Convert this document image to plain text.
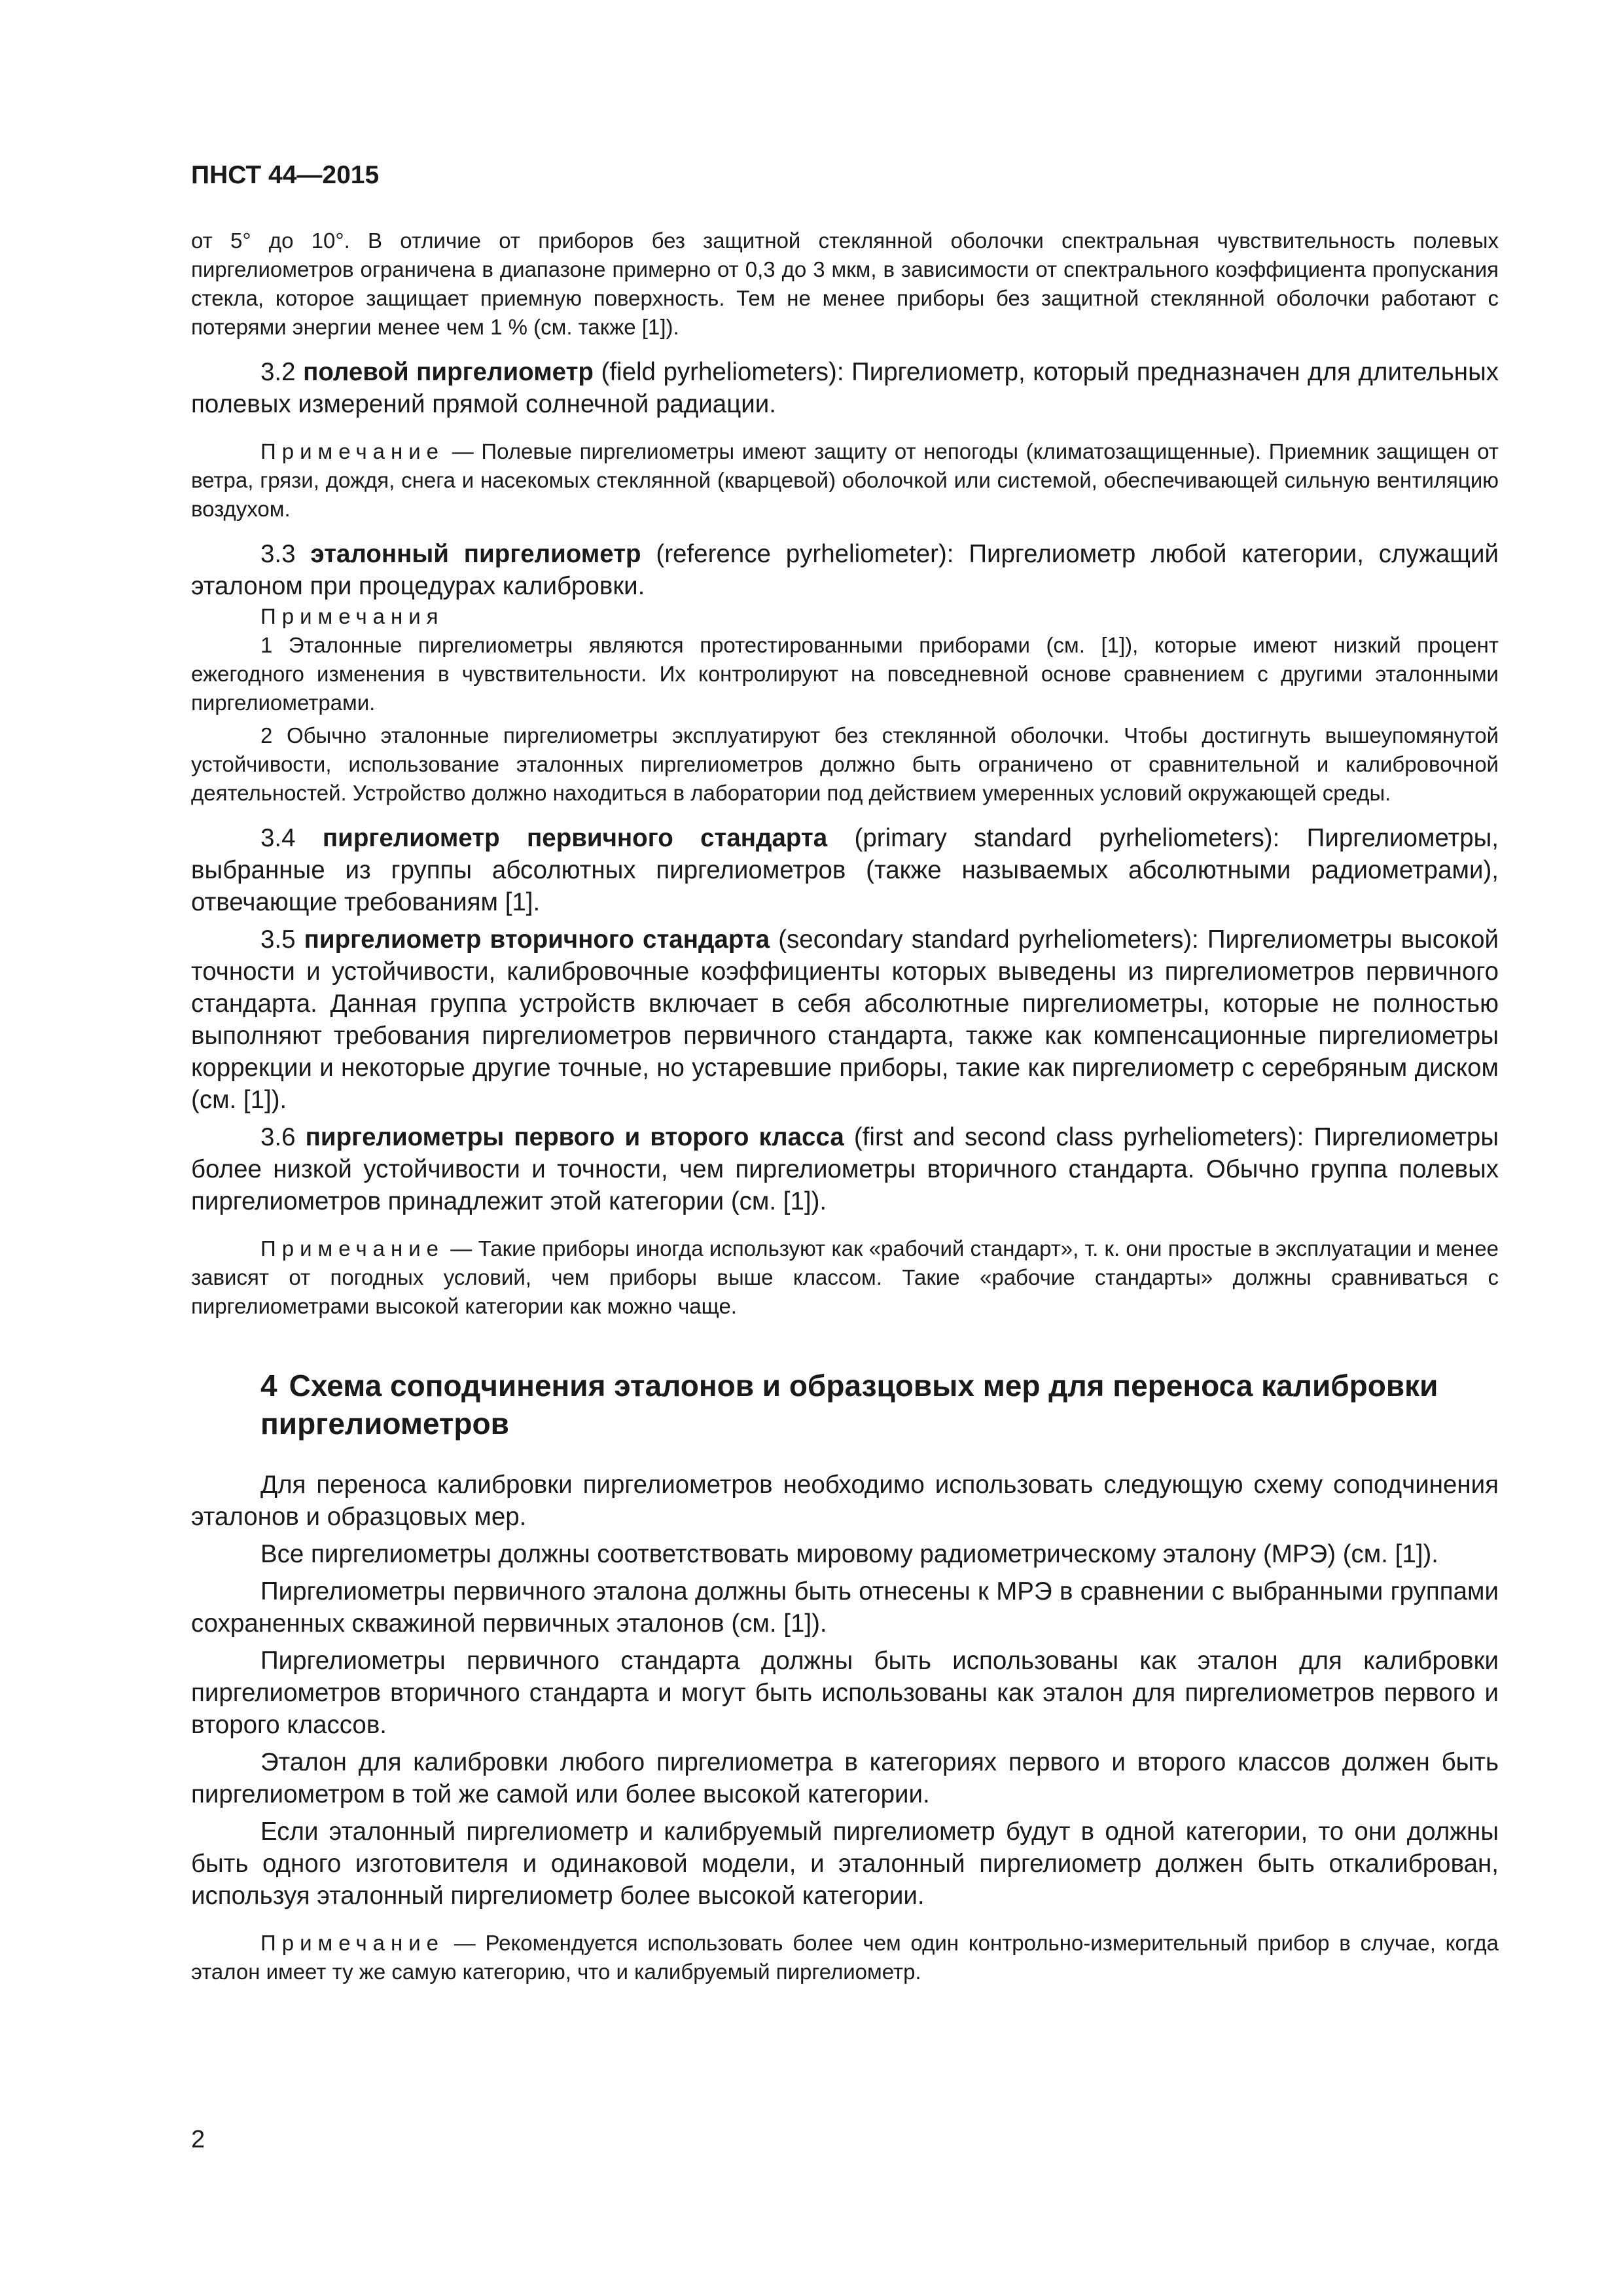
ПНСТ 44—2015

от 5° до 10°. В отличие от приборов без защитной стеклянной оболочки спектральная чувствительность полевых пиргелиометров ограничена в диапазоне примерно от 0,3 до 3 мкм, в зависимости от спектрального коэффициента пропускания стекла, которое защищает приемную поверхность. Тем не менее приборы без защитной стеклянной оболочки работают с потерями энергии менее чем 1 % (см. также [1]).

3.2 полевой пиргелиометр (field pyrheliometers): Пиргелиометр, который предназначен для длительных полевых измерений прямой солнечной радиации.

Примечание — Полевые пиргелиометры имеют защиту от непогоды (климатозащищенные). Приемник защищен от ветра, грязи, дождя, снега и насекомых стеклянной (кварцевой) оболочкой или системой, обеспечивающей сильную вентиляцию воздухом.

3.3 эталонный пиргелиометр (reference pyrheliometer): Пиргелиометр любой категории, служащий эталоном при процедурах калибровки.

Примечания

1 Эталонные пиргелиометры являются протестированными приборами (см. [1]), которые имеют низкий процент ежегодного изменения в чувствительности. Их контролируют на повседневной основе сравнением с другими эталонными пиргелиометрами.

2 Обычно эталонные пиргелиометры эксплуатируют без стеклянной оболочки. Чтобы достигнуть вышеупомянутой устойчивости, использование эталонных пиргелиометров должно быть ограничено от сравнительной и калибровочной деятельностей. Устройство должно находиться в лаборатории под действием умеренных условий окружающей среды.

3.4 пиргелиометр первичного стандарта (primary standard pyrheliometers): Пиргелиометры, выбранные из группы абсолютных пиргелиометров (также называемых абсолютными радиометрами), отвечающие требованиям [1].

3.5 пиргелиометр вторичного стандарта (secondary standard pyrheliometers): Пиргелиометры высокой точности и устойчивости, калибровочные коэффициенты которых выведены из пиргелиометров первичного стандарта. Данная группа устройств включает в себя абсолютные пиргелиометры, которые не полностью выполняют требования пиргелиометров первичного стандарта, также как компенсационные пиргелиометры коррекции и некоторые другие точные, но устаревшие приборы, такие как пиргелиометр с серебряным диском (см. [1]).

3.6 пиргелиометры первого и второго класса (first and second class pyrheliometers): Пиргелиометры более низкой устойчивости и точности, чем пиргелиометры вторичного стандарта. Обычно группа полевых пиргелиометров принадлежит этой категории (см. [1]).

Примечание — Такие приборы иногда используют как «рабочий стандарт», т. к. они простые в эксплуатации и менее зависят от погодных условий, чем приборы выше классом. Такие «рабочие стандарты» должны сравниваться с пиргелиометрами высокой категории как можно чаще.

4 Схема соподчинения эталонов и образцовых мер для переноса калибровки пиргелиометров

Для переноса калибровки пиргелиометров необходимо использовать следующую схему соподчинения эталонов и образцовых мер.

Все пиргелиометры должны соответствовать мировому радиометрическому эталону (МРЭ) (см. [1]).

Пиргелиометры первичного эталона должны быть отнесены к МРЭ в сравнении с выбранными группами сохраненных скважиной первичных эталонов (см. [1]).

Пиргелиометры первичного стандарта должны быть использованы как эталон для калибровки пиргелиометров вторичного стандарта и могут быть использованы как эталон для пиргелиометров первого и второго классов.

Эталон для калибровки любого пиргелиометра в категориях первого и второго классов должен быть пиргелиометром в той же самой или более высокой категории.

Если эталонный пиргелиометр и калибруемый пиргелиометр будут в одной категории, то они должны быть одного изготовителя и одинаковой модели, и эталонный пиргелиометр должен быть откалиброван, используя эталонный пиргелиометр более высокой категории.

Примечание — Рекомендуется использовать более чем один контрольно-измерительный прибор в случае, когда эталон имеет ту же самую категорию, что и калибруемый пиргелиометр.

2
